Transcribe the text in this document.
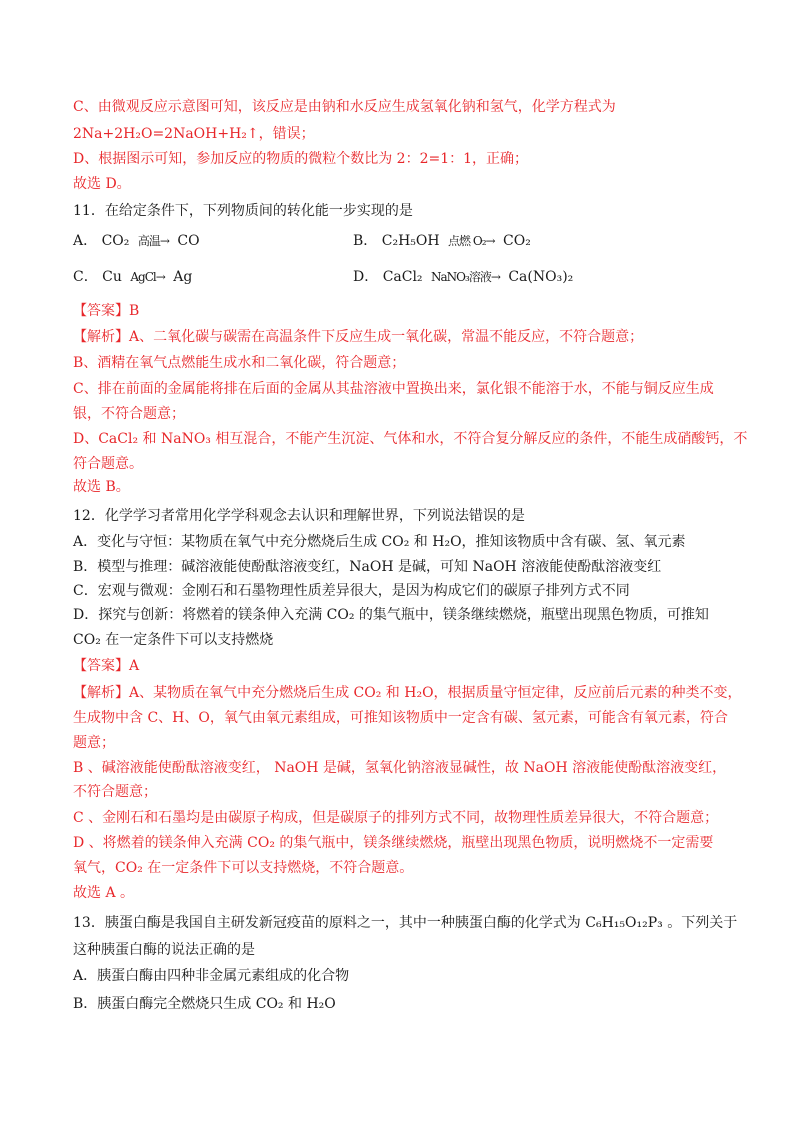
C、由微观反应示意图可知，该反应是由钠和水反应生成氢氧化钠和氢气，化学方程式为
2Na+2H₂O=2NaOH+H₂↑，错误；
D、根据图示可知，参加反应的物质的微粒个数比为 2：2=1：1，正确；
故选 D。
11．在给定条件下，下列物质间的转化能一步实现的是
A． CO₂ 高温→ CO	B． C₂H₅OH 点燃 O₂→ CO₂
C． Cu AgCl→ Ag	D． CaCl₂ NaNO₃溶液→ Ca(NO₃)₂
【答案】B
【解析】A、二氧化碳与碳需在高温条件下反应生成一氧化碳，常温不能反应，不符合题意；
B、酒精在氧气点燃能生成水和二氧化碳，符合题意；
C、排在前面的金属能将排在后面的金属从其盐溶液中置换出来，氯化银不能溶于水，不能与铜反应生成
银，不符合题意；
D、CaCl₂ 和 NaNO₃ 相互混合，不能产生沉淀、气体和水，不符合复分解反应的条件，不能生成硝酸钙，不
符合题意。
故选 B。
12．化学学习者常用化学学科观念去认识和理解世界，下列说法错误的是
A．变化与守恒：某物质在氧气中充分燃烧后生成 CO₂ 和 H₂O，推知该物质中含有碳、氢、氧元素
B．模型与推理：碱溶液能使酚酞溶液变红，NaOH 是碱，可知 NaOH 溶液能使酚酞溶液变红
C．宏观与微观：金刚石和石墨物理性质差异很大，是因为构成它们的碳原子排列方式不同
D．探究与创新：将燃着的镁条伸入充满 CO₂ 的集气瓶中，镁条继续燃烧，瓶壁出现黑色物质，可推知
CO₂ 在一定条件下可以支持燃烧
【答案】A
【解析】A、某物质在氧气中充分燃烧后生成 CO₂ 和 H₂O，根据质量守恒定律，反应前后元素的种类不变，
生成物中含 C、H、O，氧气由氧元素组成，可推知该物质中一定含有碳、氢元素，可能含有氧元素，符合
题意；
B 、碱溶液能使酚酞溶液变红， NaOH 是碱，氢氧化钠溶液显碱性，故 NaOH 溶液能使酚酞溶液变红，
不符合题意；
C 、金刚石和石墨均是由碳原子构成，但是碳原子的排列方式不同，故物理性质差异很大，不符合题意；
D 、将燃着的镁条伸入充满 CO₂ 的集气瓶中，镁条继续燃烧，瓶壁出现黑色物质，说明燃烧不一定需要
氧气，CO₂ 在一定条件下可以支持燃烧，不符合题意。
故选 A 。
13．胰蛋白酶是我国自主研发新冠疫苗的原料之一，其中一种胰蛋白酶的化学式为 C₆H₁₅O₁₂P₃ 。下列关于
这种胰蛋白酶的说法正确的是
A．胰蛋白酶由四种非金属元素组成的化合物
B．胰蛋白酶完全燃烧只生成 CO₂ 和 H₂O
